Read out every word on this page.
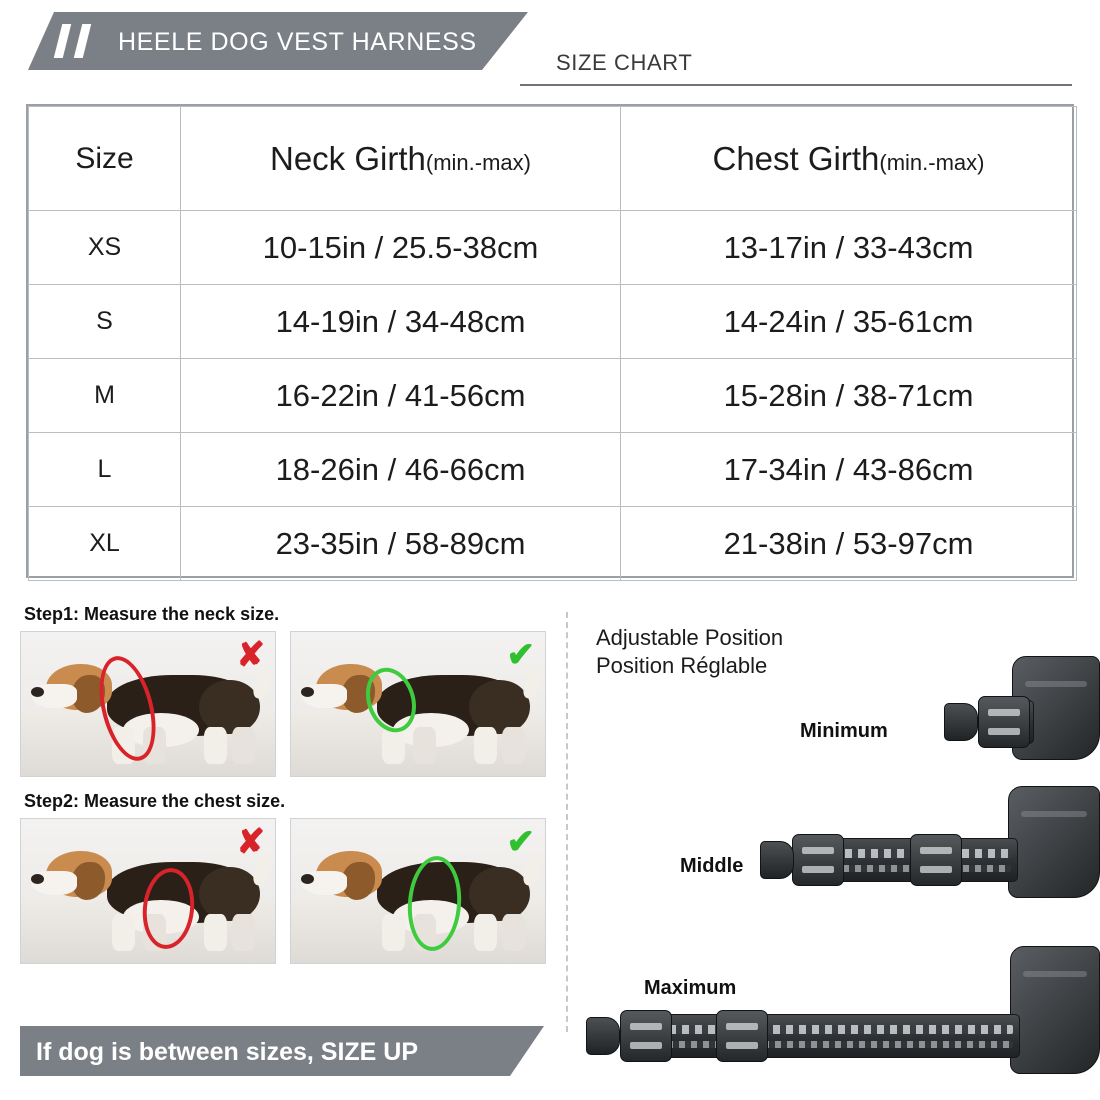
HEELE DOG VEST HARNESS
SIZE CHART
Size	Neck Girth(min.-max)	Chest Girth(min.-max)
XS	10-15in / 25.5-38cm	13-17in / 33-43cm
S	14-19in / 34-48cm	14-24in / 35-61cm
M	16-22in / 41-56cm	15-28in / 38-71cm
L	18-26in / 46-66cm	17-34in / 43-86cm
XL	23-35in / 58-89cm	21-38in / 53-97cm
Step1: Measure the neck size.
✘	✔
Step2: Measure the chest size.
✘	✔
If dog is between sizes, SIZE UP
Adjustable Position
Position Réglable
Minimum
Middle
Maximum
